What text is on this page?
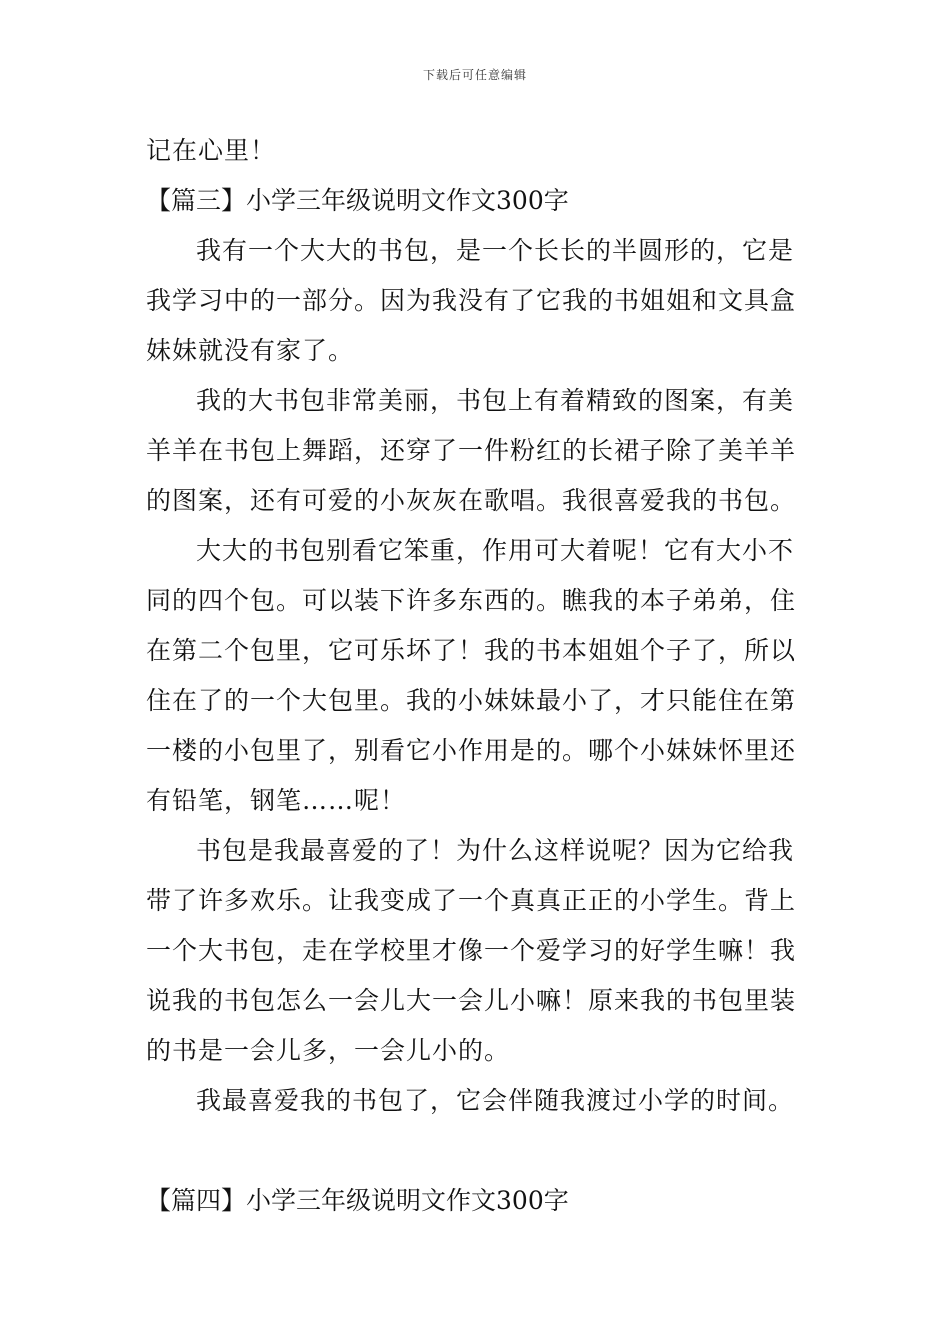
下载后可任意编辑
记在心里！
【篇三】小学三年级说明文作文300字
我有一个大大的书包，是一个长长的半圆形的，它是
我学习中的一部分。因为我没有了它我的书姐姐和文具盒
妹妹就没有家了。
我的大书包非常美丽，书包上有着精致的图案，有美
羊羊在书包上舞蹈，还穿了一件粉红的长裙子除了美羊羊
的图案，还有可爱的小灰灰在歌唱。我很喜爱我的书包。
大大的书包别看它笨重，作用可大着呢！它有大小不
同的四个包。可以装下许多东西的。瞧我的本子弟弟，住
在第二个包里，它可乐坏了！我的书本姐姐个子了，所以
住在了的一个大包里。我的小妹妹最小了，才只能住在第
一楼的小包里了，别看它小作用是的。哪个小妹妹怀里还
有铅笔，钢笔……呢！
书包是我最喜爱的了！为什么这样说呢？因为它给我
带了许多欢乐。让我变成了一个真真正正的小学生。背上
一个大书包，走在学校里才像一个爱学习的好学生嘛！我
说我的书包怎么一会儿大一会儿小嘛！原来我的书包里装
的书是一会儿多，一会儿小的。
我最喜爱我的书包了，它会伴随我渡过小学的时间。
【篇四】小学三年级说明文作文300字
